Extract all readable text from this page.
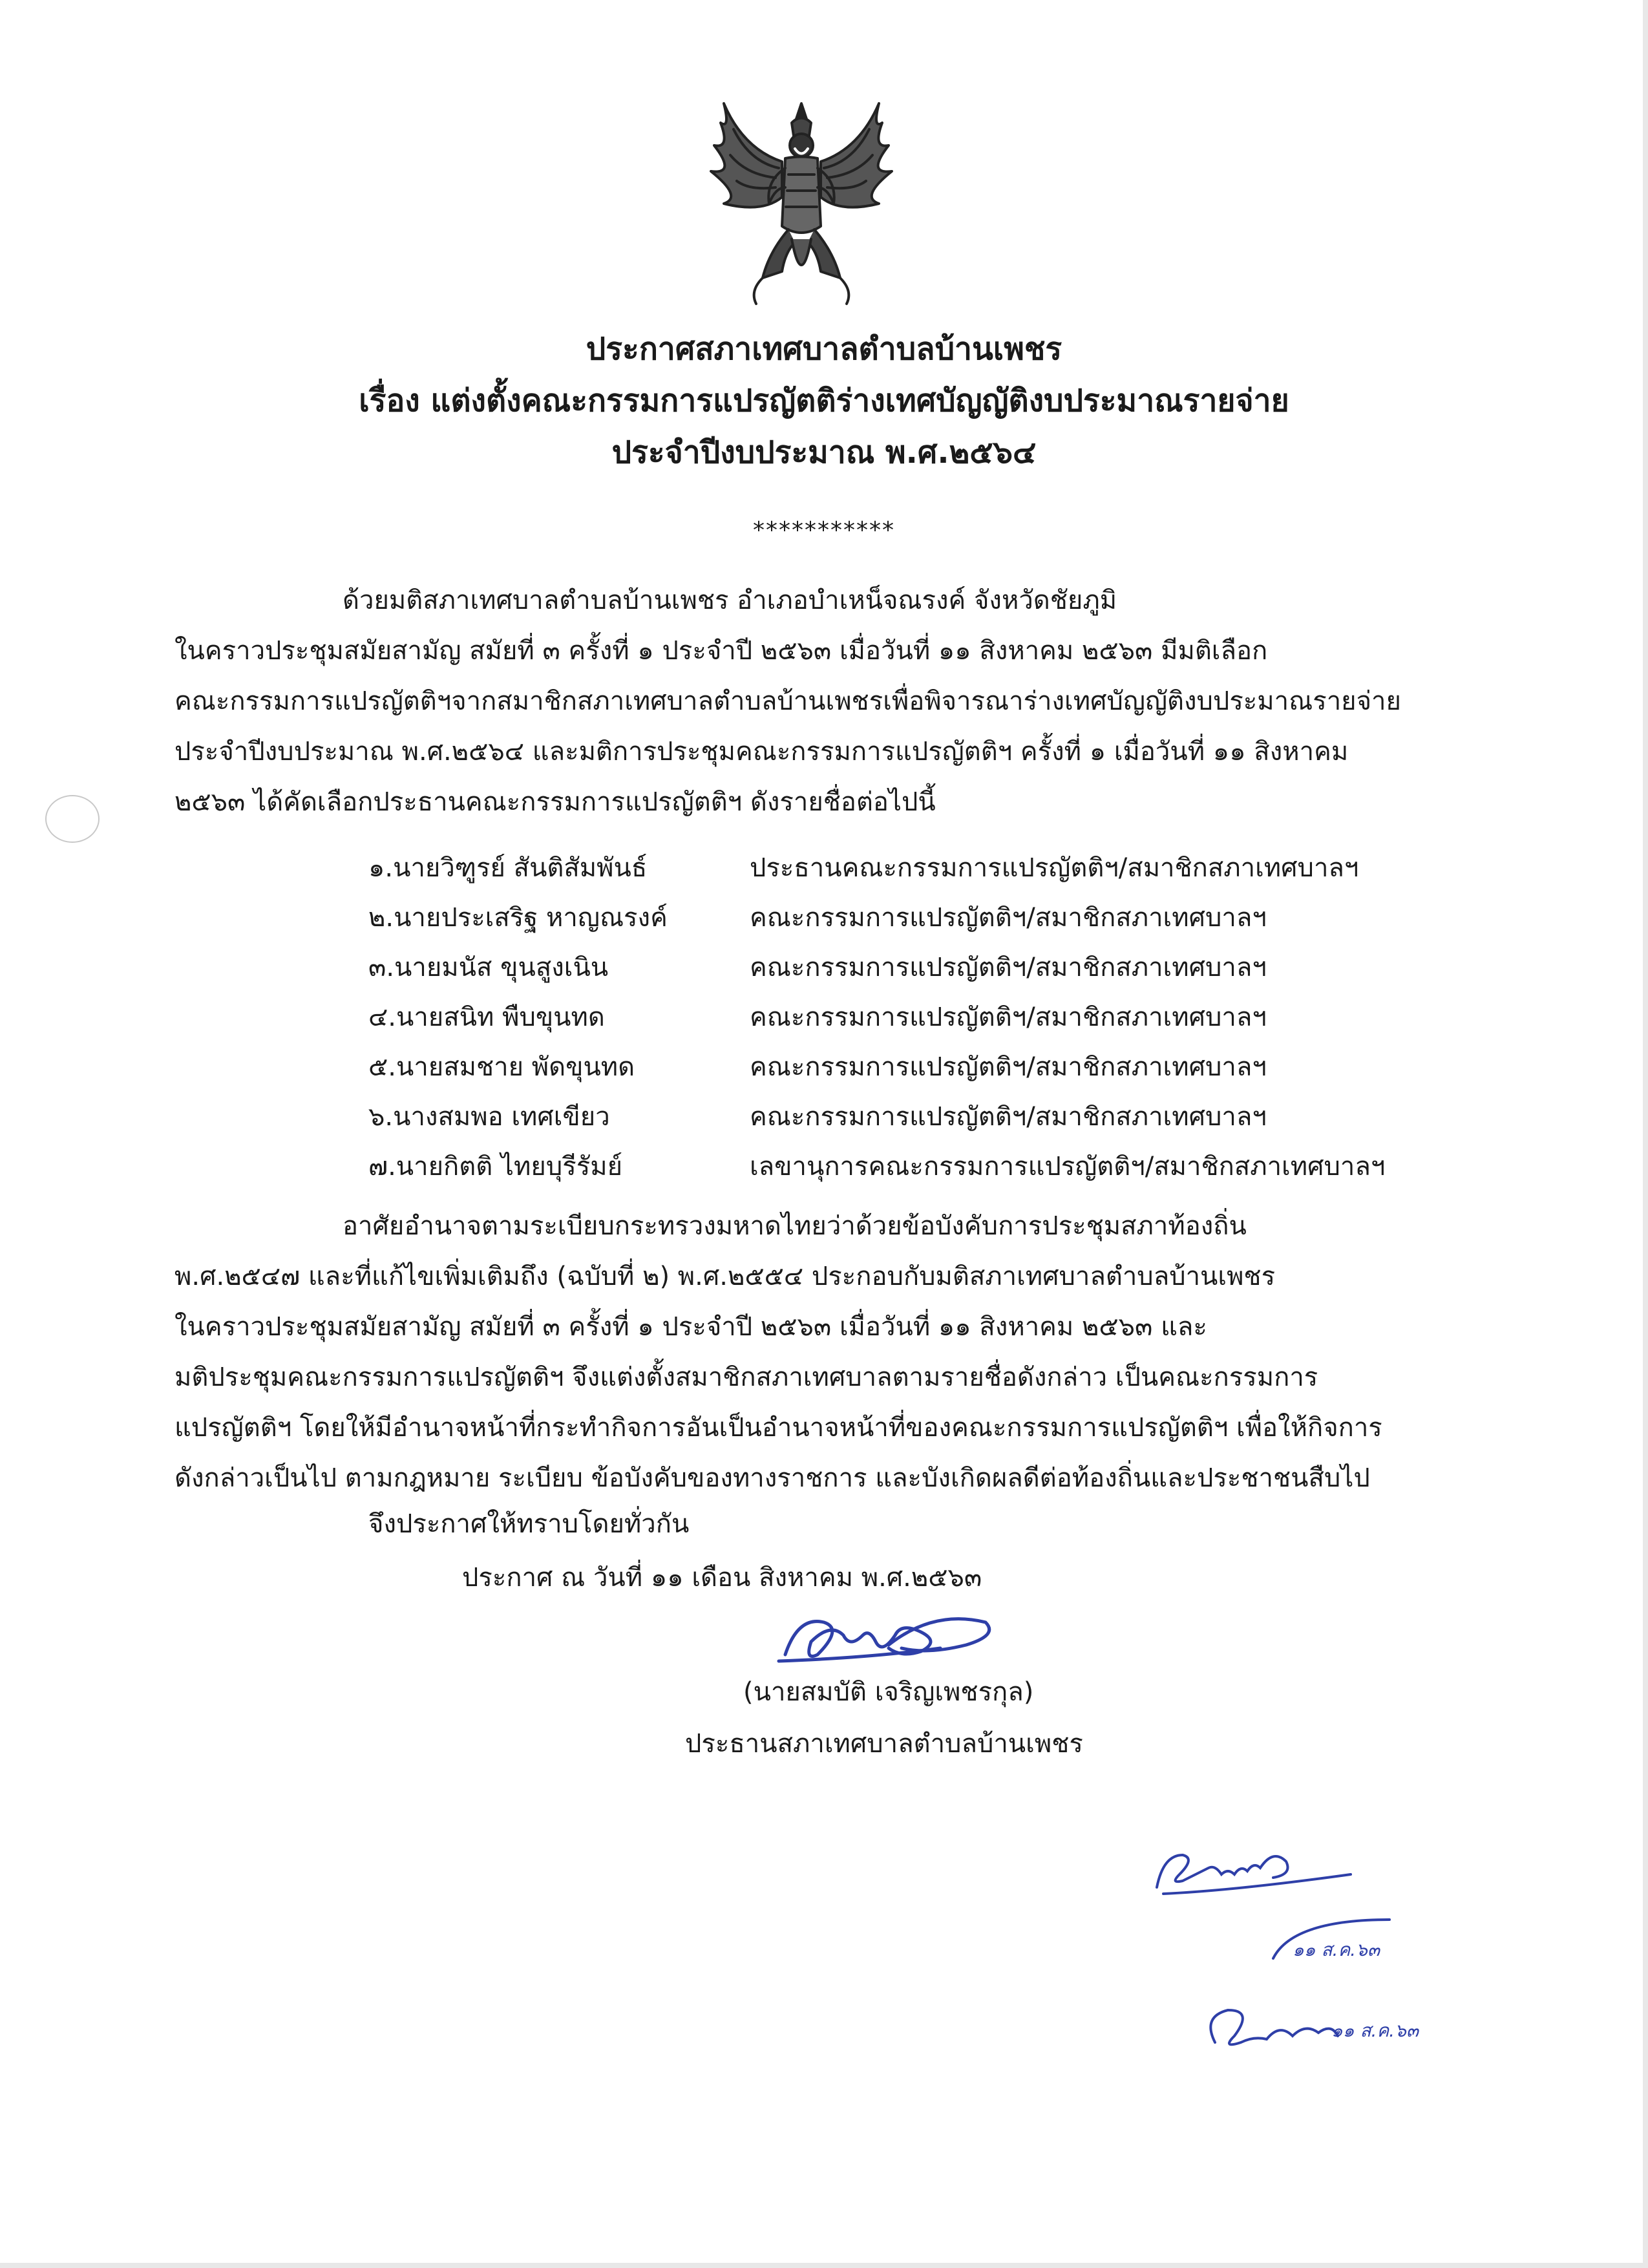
ประกาศสภาเทศบาลตำบลบ้านเพชร
เรื่อง แต่งตั้งคณะกรรมการแปรญัตติร่างเทศบัญญัติงบประมาณรายจ่าย
ประจำปีงบประมาณ พ.ศ.๒๕๖๔
***********
ด้วยมติสภาเทศบาลตำบลบ้านเพชร อำเภอบำเหน็จณรงค์ จังหวัดชัยภูมิ
ในคราวประชุมสมัยสามัญ สมัยที่ ๓ ครั้งที่ ๑ ประจำปี ๒๕๖๓ เมื่อวันที่ ๑๑ สิงหาคม ๒๕๖๓ มีมติเลือก
คณะกรรมการแปรญัตติฯจากสมาชิกสภาเทศบาลตำบลบ้านเพชรเพื่อพิจารณาร่างเทศบัญญัติงบประมาณรายจ่าย
ประจำปีงบประมาณ พ.ศ.๒๕๖๔ และมติการประชุมคณะกรรมการแปรญัตติฯ ครั้งที่ ๑ เมื่อวันที่ ๑๑ สิงหาคม
๒๕๖๓ ได้คัดเลือกประธานคณะกรรมการแปรญัตติฯ ดังรายชื่อต่อไปนี้
๑.นายวิฑูรย์ สันติสัมพันธ์	ประธานคณะกรรมการแปรญัตติฯ/สมาชิกสภาเทศบาลฯ
๒.นายประเสริฐ หาญณรงค์	คณะกรรมการแปรญัตติฯ/สมาชิกสภาเทศบาลฯ
๓.นายมนัส ขุนสูงเนิน	คณะกรรมการแปรญัตติฯ/สมาชิกสภาเทศบาลฯ
๔.นายสนิท พืบขุนทด	คณะกรรมการแปรญัตติฯ/สมาชิกสภาเทศบาลฯ
๕.นายสมชาย พัดขุนทด	คณะกรรมการแปรญัตติฯ/สมาชิกสภาเทศบาลฯ
๖.นางสมพอ เทศเขียว	คณะกรรมการแปรญัตติฯ/สมาชิกสภาเทศบาลฯ
๗.นายกิตติ ไทยบุรีรัมย์	เลขานุการคณะกรรมการแปรญัตติฯ/สมาชิกสภาเทศบาลฯ
อาศัยอำนาจตามระเบียบกระทรวงมหาดไทยว่าด้วยข้อบังคับการประชุมสภาท้องถิ่น
พ.ศ.๒๕๔๗ และที่แก้ไขเพิ่มเติมถึง (ฉบับที่ ๒) พ.ศ.๒๕๕๔ ประกอบกับมติสภาเทศบาลตำบลบ้านเพชร
ในคราวประชุมสมัยสามัญ สมัยที่ ๓ ครั้งที่ ๑ ประจำปี ๒๕๖๓ เมื่อวันที่ ๑๑ สิงหาคม ๒๕๖๓ และ
มติประชุมคณะกรรมการแปรญัตติฯ จึงแต่งตั้งสมาชิกสภาเทศบาลตามรายชื่อดังกล่าว เป็นคณะกรรมการ
แปรญัตติฯ โดยให้มีอำนาจหน้าที่กระทำกิจการอันเป็นอำนาจหน้าที่ของคณะกรรมการแปรญัตติฯ เพื่อให้กิจการ
ดังกล่าวเป็นไป ตามกฎหมาย ระเบียบ ข้อบังคับของทางราชการ และบังเกิดผลดีต่อท้องถิ่นและประชาชนสืบไป
จึงประกาศให้ทราบโดยทั่วกัน
ประกาศ ณ วันที่ ๑๑ เดือน สิงหาคม พ.ศ.๒๕๖๓
(นายสมบัติ เจริญเพชรกุล)
ประธานสภาเทศบาลตำบลบ้านเพชร
๑๑ ส.ค.๖๓
๑๑ ส.ค.๖๓
